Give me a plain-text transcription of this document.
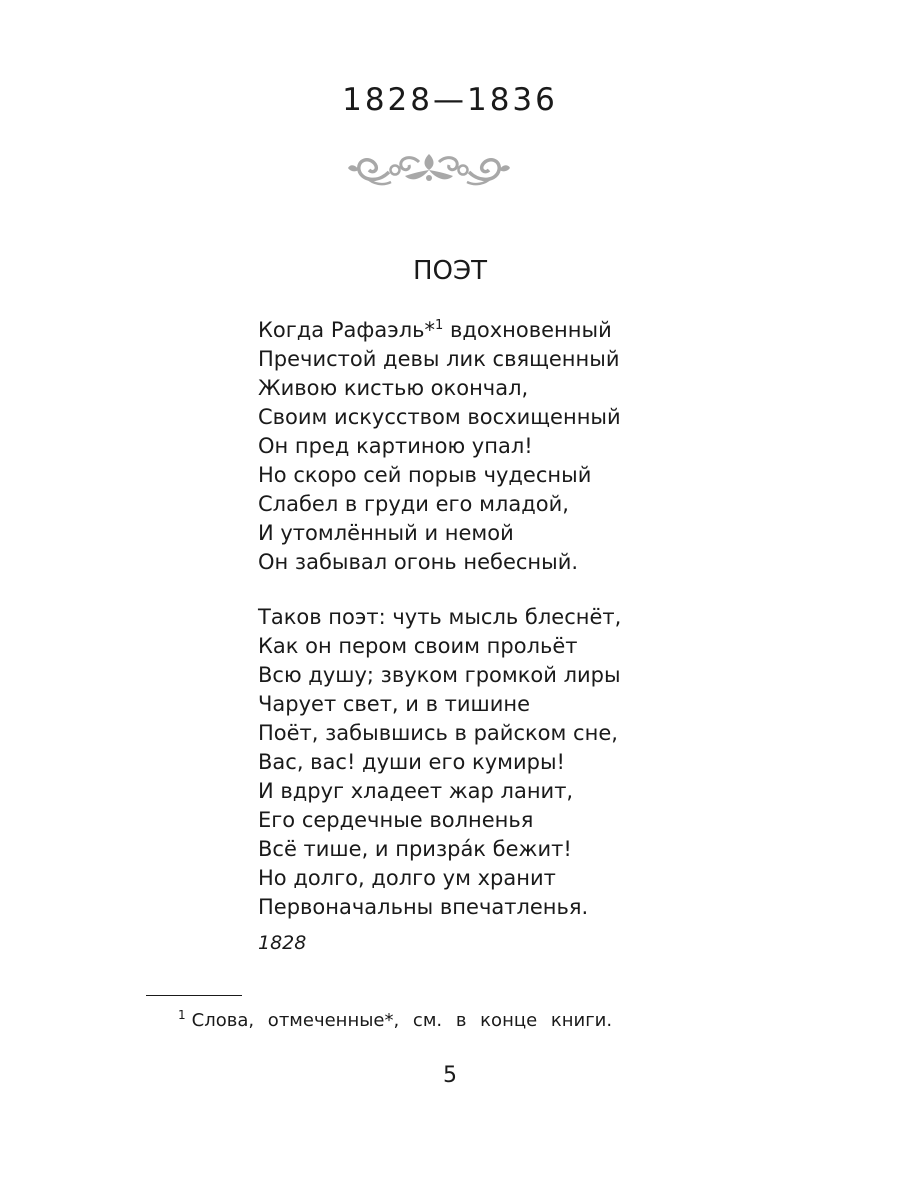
1828—1836
ПОЭТ
Когда Рафаэль*$^1$ вдохновенный
Пречистой девы лик священный
Живою кистью окончал,
Своим искусством восхищенный
Он пред картиною упал!
Но скоро сей порыв чудесный
Слабел в груди его младой,
И утомлённый и немой
Он забывал огонь небесный.
Таков поэт: чуть мысль блеснёт,
Как он пером своим прольёт
Всю душу; звуком громкой лиры
Чарует свет, и в тишине
Поёт, забывшись в райском сне,
Вас, вас! души его кумиры!
И вдруг хладеет жар ланит,
Его сердечные волненья
Всё тише, и призрáк бежит!
Но долго, долго ум хранит
Первоначальны впечатленья.
1828
$^1$ Слова, отмеченные*, см. в конце книги.
5
